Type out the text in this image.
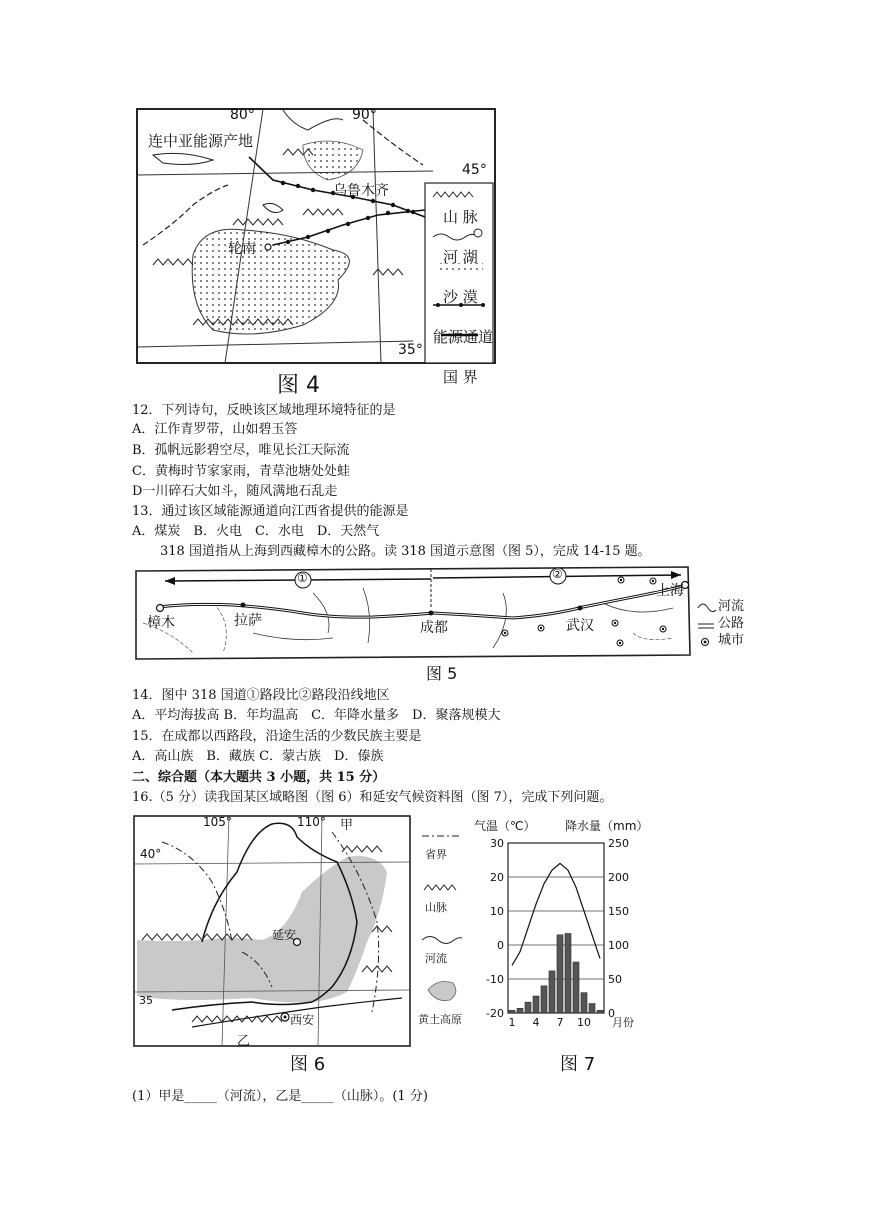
80°	90°
45°
35°
连中亚能源产地
乌鲁木齐
轮南
山 脉
河 湖
沙 漠
能源通道
国 界
图 4
12．下列诗句，反映该区域地理环境特征的是
A．江作青罗带，山如碧玉答
B．孤帆远影碧空尽，唯见长江天际流
C．黄梅时节家家雨，青草池塘处处蛙
D一川碎石大如斗，随风满地石乱走
13．通过该区域能源通道向江西省提供的能源是
A．煤炭　B．火电　C．水电　D．天然气
318 国道指从上海到西藏樟木的公路。读 318 国道示意图（图 5），完成 14-15 题。
①	②
樟木	拉萨	成都	武汉
上海
河流
公路
城市
图 5
14．图中 318 国道①路段比②路段沿线地区
A．平均海拔高 B．年均温高　C．年降水量多　D．聚落规模大
15．在成都以西路段，沿途生活的少数民族主要是
A．高山族　B．藏族 C．蒙古族　D．傣族
二、综合题（本大题共 3 小题，共 15 分）
16.（5 分）读我国某区域略图（图 6）和延安气候资料图（图 7），完成下列问题。
105°	110°
40°
35
甲
乙
延安
西安
省界
山脉
河流
黄土高原
图 6
气温（℃） 降水量（mm）
30
20
10
0
-10
-20
250
200
150
100
50
0
1 4 7 10 月份
图 7
(1）甲是_____（河流），乙是_____（山脉）。(1 分)
